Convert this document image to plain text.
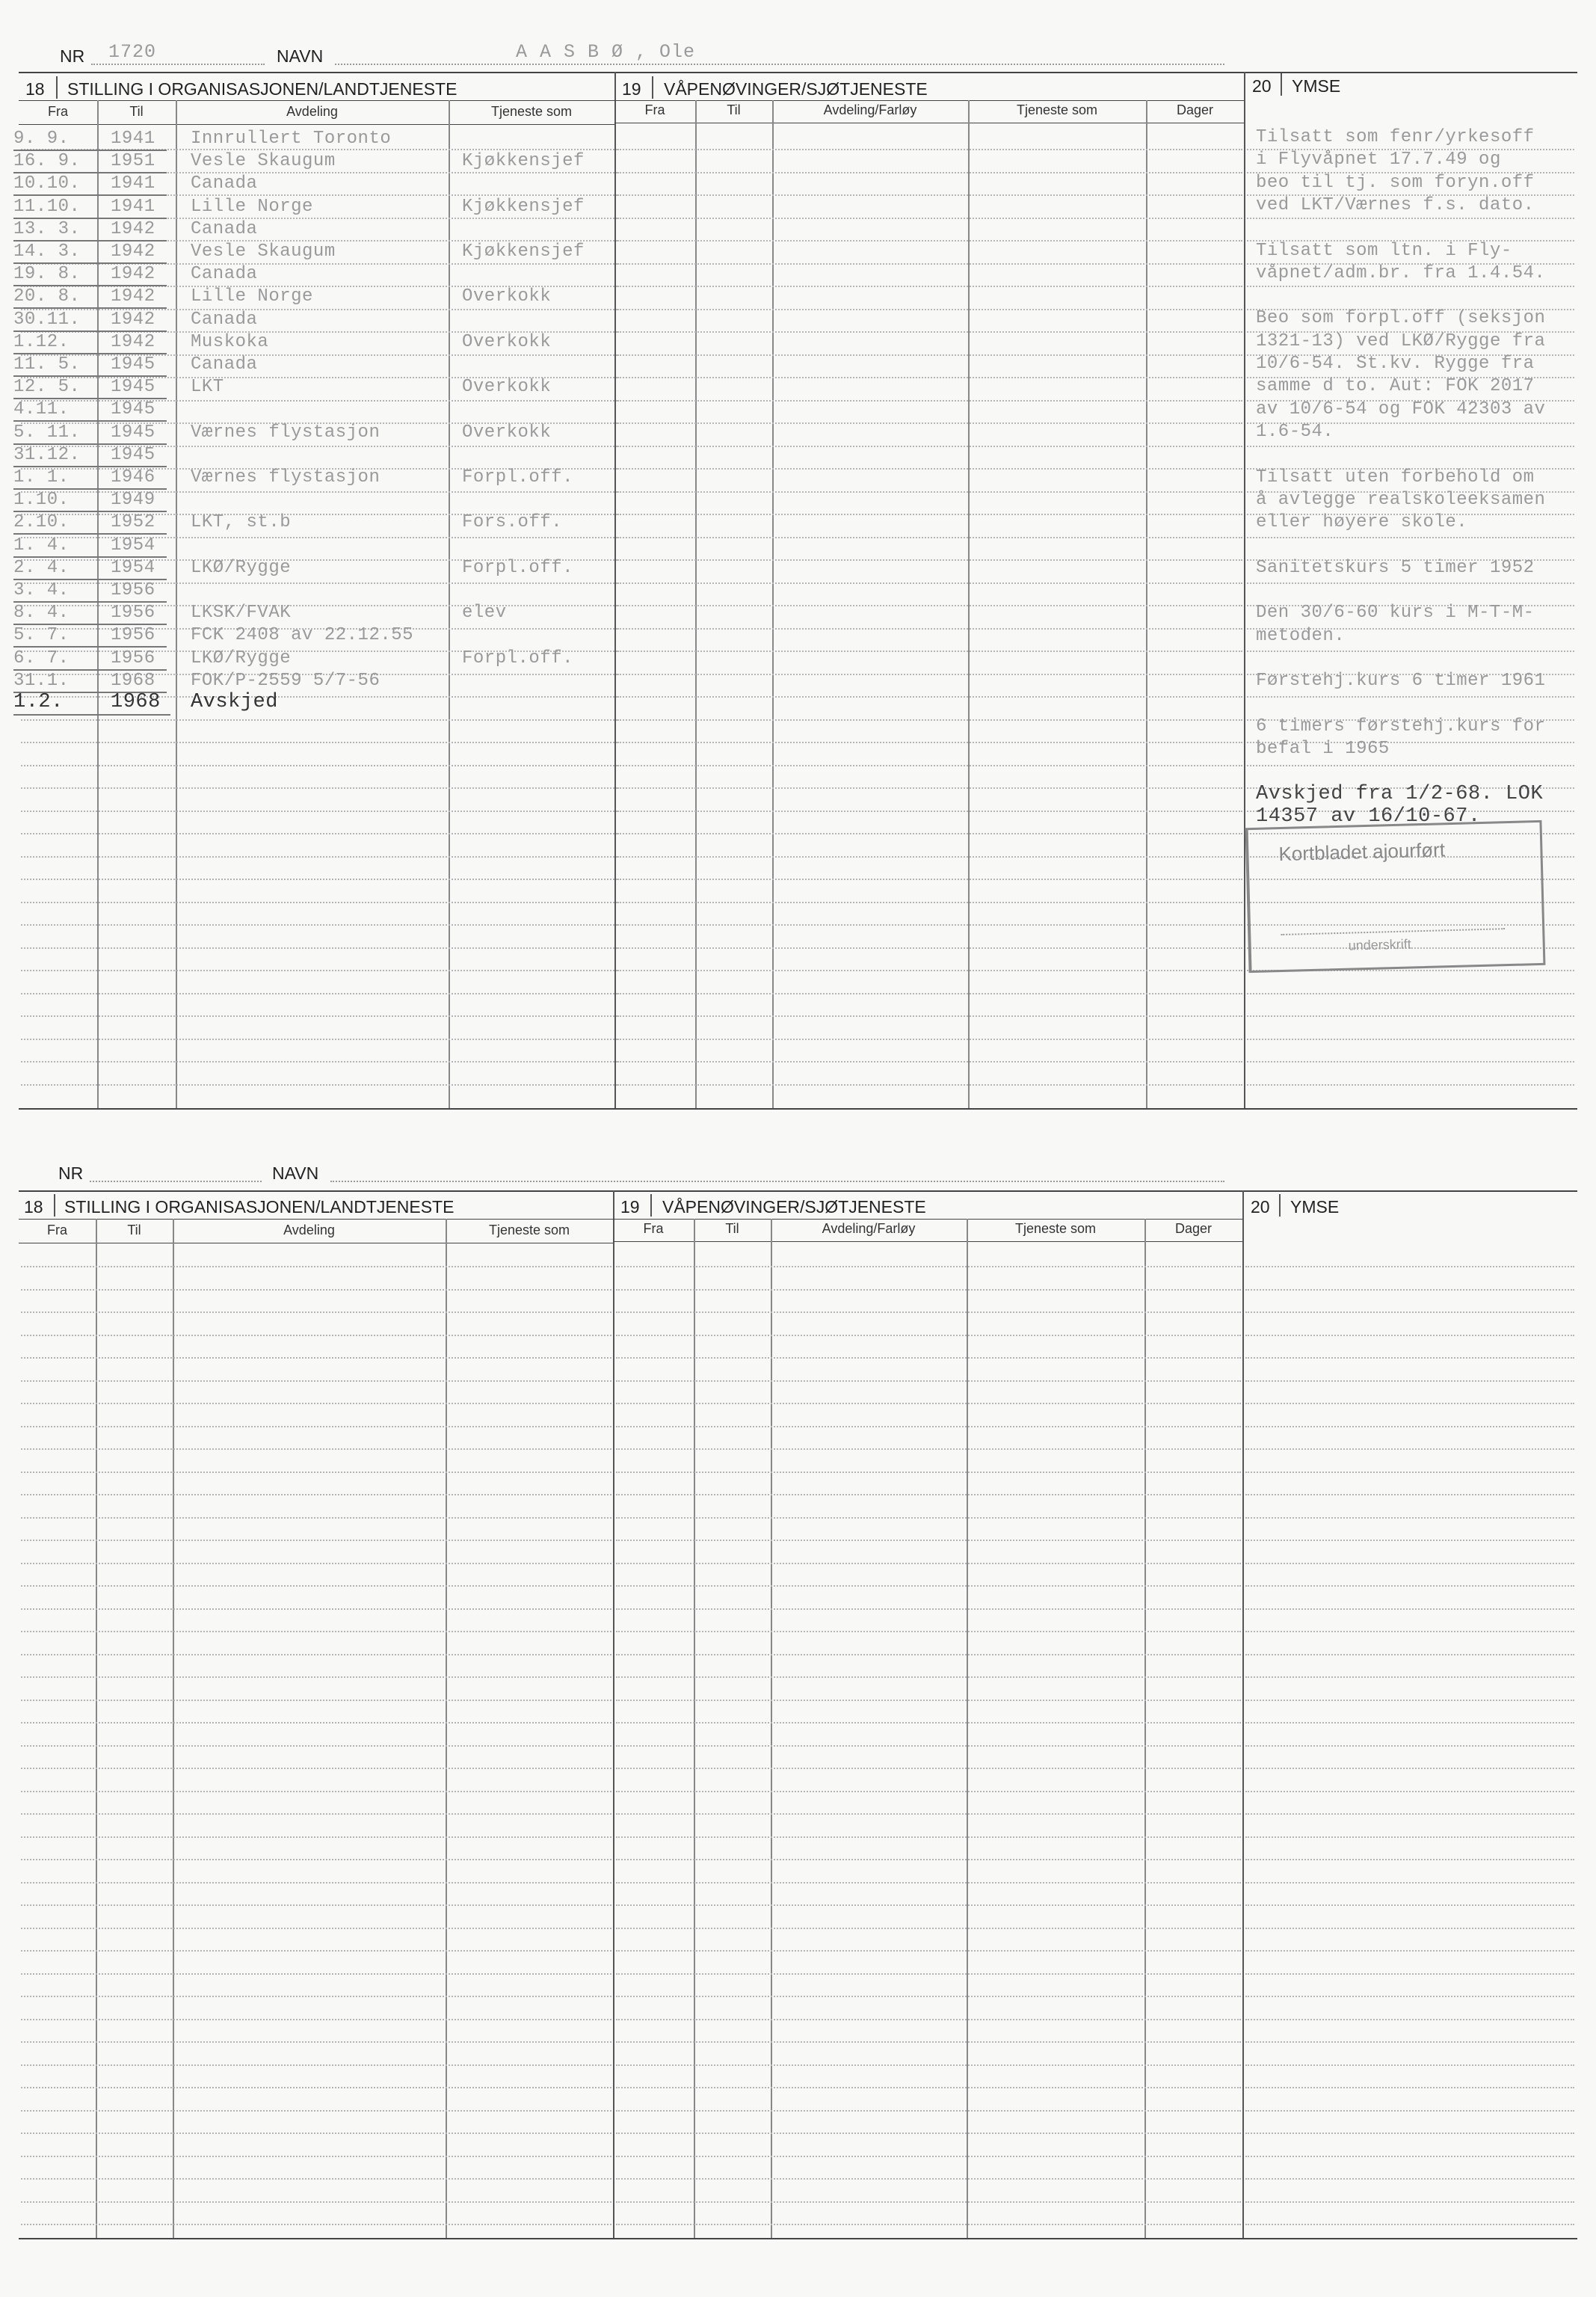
NR 1720	NAVN	A A S B Ø , Ole
18 STILLING I ORGANISASJONEN/LANDTJENESTE	19 VÅPENØVINGER/SJØTJENESTE	20 YMSE
Fra	Til	Avdeling	Tjeneste som	Fra	Til	Avdeling/Farløy	Tjeneste som	Dager
9. 9. 1941 Innrullert Toronto
16. 9. 1951 Vesle Skaugum	Kjøkkensjef
10.10. 1941 Canada
11.10. 1941 Lille Norge	Kjøkkensjef
13. 3. 1942 Canada
14. 3. 1942 Vesle Skaugum	Kjøkkensjef
19. 8. 1942 Canada
20. 8. 1942 Lille Norge	Overkokk
30.11. 1942 Canada
1.12. 1942 Muskoka	Overkokk
11. 5. 1945 Canada
12. 5. 1945 LKT	Overkokk
4.11. 1945
5. 11. 1945 Værnes flystasjon	Overkokk
31.12. 1945
1. 1. 1946 Værnes flystasjon	Forpl.off.
1.10. 1949
2.10. 1952 LKT, st.b	Fors.off.
1. 4. 1954
2. 4. 1954 LKØ/Rygge	Forpl.off.
3. 4. 1956
8. 4. 1956 LKSK/FVAK	elev
5. 7. 1956 FCK 2408 av 22.12.55
6. 7. 1956 LKØ/Rygge	Forpl.off.
31.1. 1968 FOK/P-2559 5/7-56
1.2. 1968 Avskjed
Tilsatt som fenr/yrkesoff
i Flyvåpnet 17.7.49 og
beo til tj. som foryn.off
ved LKT/Værnes f.s. dato.
Tilsatt som ltn. i Fly-
våpnet/adm.br. fra 1.4.54.
Beo som forpl.off (seksjon
1321-13) ved LKØ/Rygge fra
10/6-54. St.kv. Rygge fra
samme d to. Aut: FOK 2017
av 10/6-54 og FOK 42303 av
1.6-54.
Tilsatt uten forbehold om
å avlegge realskoleeksamen
eller høyere skole.
Sanitetskurs 5 timer 1952
Den 30/6-60 kurs i M-T-M-
metoden.
Førstehj.kurs 6 timer 1961
6 timers førstehj.kurs for
befal i 1965
Avskjed fra 1/2-68. LOK
14357 av 16/10-67.
Kortbladet ajourført
underskrift
NR	NAVN
18 STILLING I ORGANISASJONEN/LANDTJENESTE	19 VÅPENØVINGER/SJØTJENESTE	20 YMSE
Fra	Til	Avdeling	Tjeneste som	Fra	Til	Avdeling/Farløy	Tjeneste som	Dager
